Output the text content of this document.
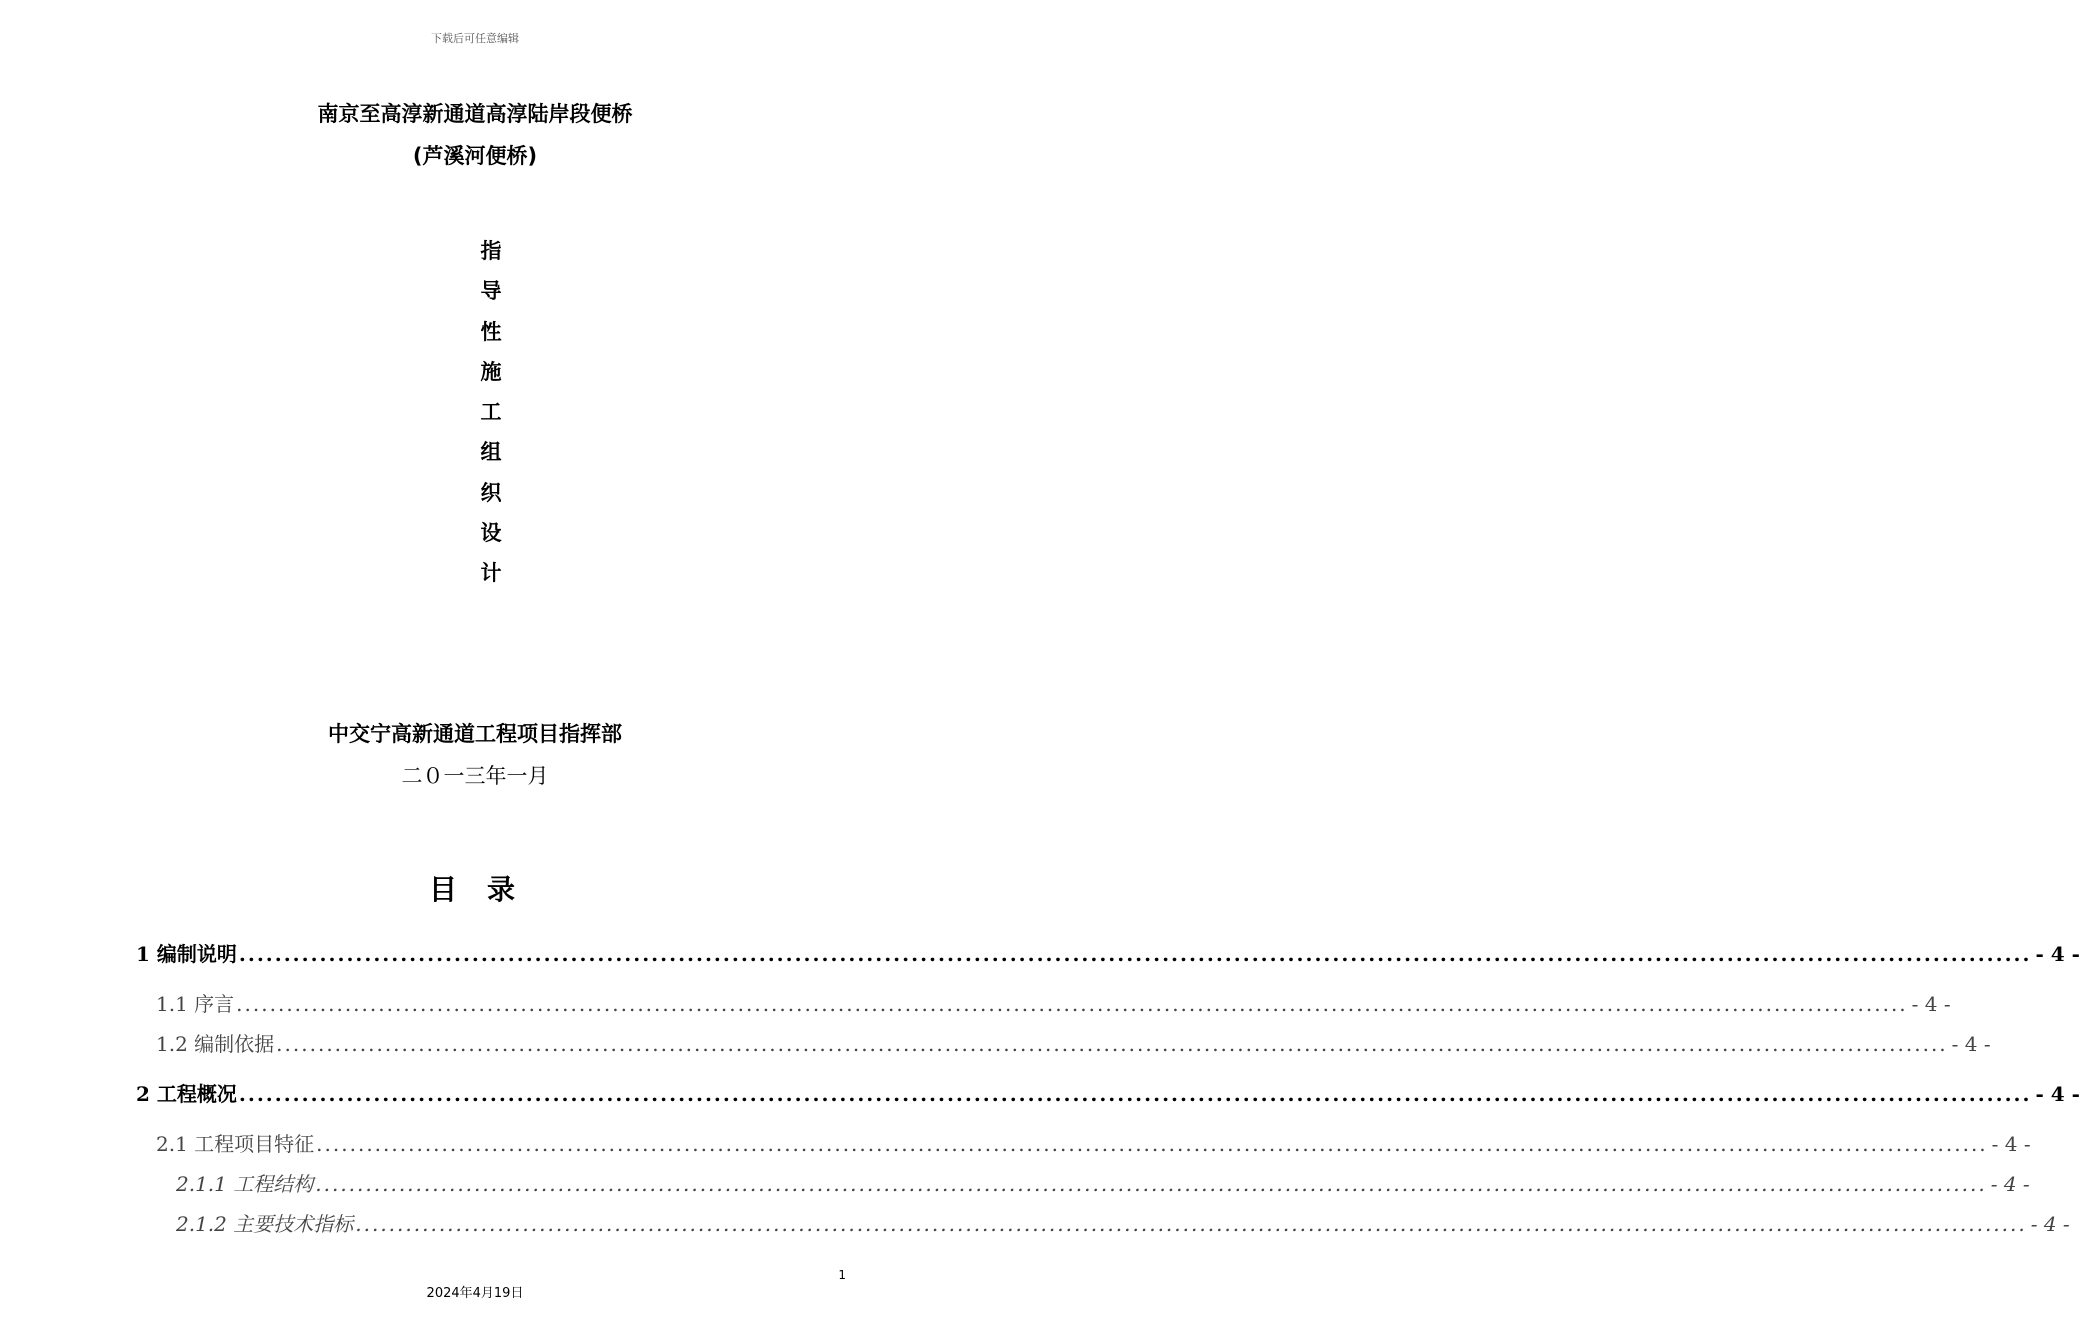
下载后可任意编辑
南京至高淳新通道高淳陆岸段便桥
(芦溪河便桥)
指
导
性
施
工
组
织
设
计
中交宁高新通道工程项目指挥部
二０一三年一月
目 录
1 编制说明 ........................................................................................................................................................................................................ - 4 -
1.1 序言 ........................................................................................................................................................................................................ - 4 -
1.2 编制依据 ........................................................................................................................................................................................................ - 4 -
2 工程概况 ........................................................................................................................................................................................................ - 4 -
2.1 工程项目特征 ........................................................................................................................................................................................................ - 4 -
2.1.1 工程结构 ........................................................................................................................................................................................................ - 4 -
2.1.2 主要技术指标 ........................................................................................................................................................................................................ - 4 -
1
2024年4月19日
